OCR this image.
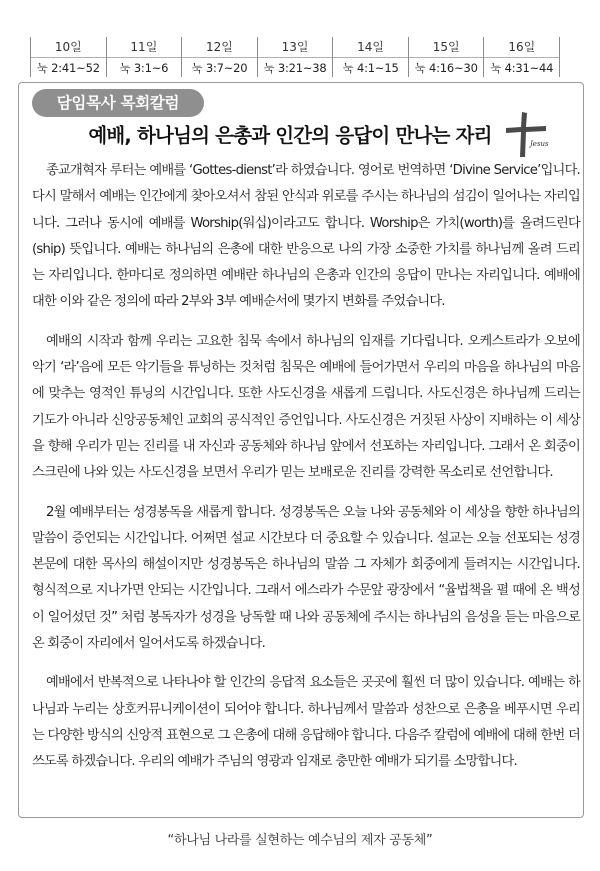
10일
눅 2:41~52
11일
눅 3:1~6
12일
눅 3:7~20
13일
눅 3:21~38
14일
눅 4:1~15
15일
눅 4:16~30
16일
눅 4:31~44
담임목사 목회칼럼
예배, 하나님의 은총과 인간의 응답이 만나는 자리	Jesus

종교개혁자 루터는 예배를 ‘Gottes-dienst’라 하였습니다. 영어로 번역하면 ‘Divine Service’입니다. 다시 말해서 예배는 인간에게 찾아오셔서 참된 안식과 위로를 주시는 하나님의 섬김이 일어나는 자리입니다. 그러나 동시에 예배를 Worship(워십)이라고도 합니다. Worship은 가치(worth)를 올려드린다(ship) 뜻입니다. 예배는 하나님의 은총에 대한 반응으로 나의 가장 소중한 가치를 하나님께 올려 드리는 자리입니다. 한마디로 정의하면 예배란 하나님의 은총과 인간의 응답이 만나는 자리입니다. 예배에 대한 이와 같은 정의에 따라 2부와 3부 예배순서에 몇가지 변화를 주었습니다.

예배의 시작과 함께 우리는 고요한 침묵 속에서 하나님의 임재를 기다립니다. 오케스트라가 오보에 악기 ‘라’음에 모든 악기들을 튜닝하는 것처럼 침묵은 예배에 들어가면서 우리의 마음을 하나님의 마음에 맞추는 영적인 튜닝의 시간입니다. 또한 사도신경을 새롭게 드립니다. 사도신경은 하나님께 드리는 기도가 아니라 신앙공동체인 교회의 공식적인 증언입니다. 사도신경은 거짓된 사상이 지배하는 이 세상을 향해 우리가 믿는 진리를 내 자신과 공동체와 하나님 앞에서 선포하는 자리입니다. 그래서 온 회중이 스크린에 나와 있는 사도신경을 보면서 우리가 믿는 보배로운 진리를 강력한 목소리로 선언합니다.

2월 예배부터는 성경봉독을 새롭게 합니다. 성경봉독은 오늘 나와 공동체와 이 세상을 향한 하나님의 말씀이 증언되는 시간입니다. 어쩌면 설교 시간보다 더 중요할 수 있습니다. 설교는 오늘 선포되는 성경본문에 대한 목사의 해설이지만 성경봉독은 하나님의 말씀 그 자체가 회중에게 들려지는 시간입니다. 형식적으로 지나가면 안되는 시간입니다. 그래서 에스라가 수문앞 광장에서 “율법책을 펼 때에 온 백성이 일어섰던 것” 처럼 봉독자가 성경을 낭독할 때 나와 공동체에 주시는 하나님의 음성을 듣는 마음으로 온 회중이 자리에서 일어서도록 하겠습니다.

예배에서 반복적으로 나타나야 할 인간의 응답적 요소들은 곳곳에 훨씬 더 많이 있습니다. 예배는 하나님과 누리는 상호커뮤니케이션이 되어야 합니다. 하나님께서 말씀과 성찬으로 은총을 베푸시면 우리는 다양한 방식의 신앙적 표현으로 그 은총에 대해 응답해야 합니다. 다음주 칼럼에 예배에 대해 한번 더 쓰도록 하겠습니다. 우리의 예배가 주님의 영광과 임재로 충만한 예배가 되기를 소망합니다.

“하나님 나라를 실현하는 예수님의 제자 공동체”
